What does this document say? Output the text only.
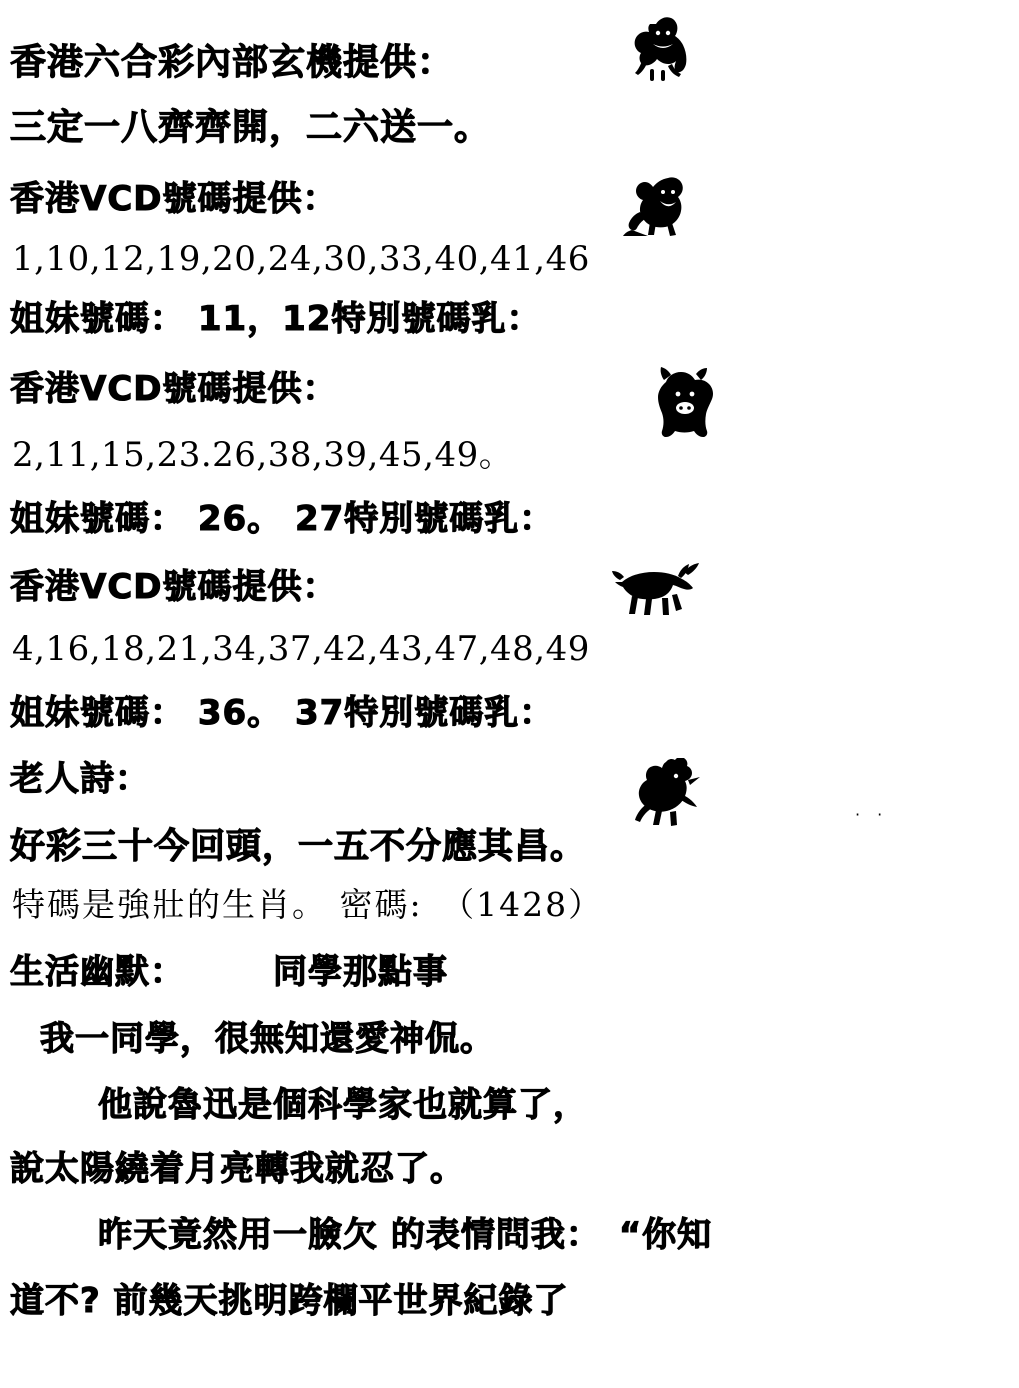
香港六合彩內部玄機提供：
三定一八齊齊開，二六送一。
香港VCD號碼提供：
1,10,12,19,20,24,30,33,40,41,46
姐妹號碼： 11，12特別號碼乳：
香港VCD號碼提供：
2,11,15,23.26,38,39,45,49。
姐妹號碼： 26。 27特別號碼乳：
香港VCD號碼提供：
4,16,18,21,34,37,42,43,47,48,49
姐妹號碼： 36。 37特別號碼乳：
老人詩：
好彩三十今回頭，一五不分應其昌。
特碼是強壯的生肖。 密碼:　（1428）
生活幽默：　　　同學那點事
我一同學，很無知還愛神侃。
他說魯迅是個科學家也就算了，
說太陽繞着月亮轉我就忍了。
昨天竟然用一臉欠 的表情問我：　“你知
道不? 前幾天挑明跨欄平世界紀錄了
· ·
